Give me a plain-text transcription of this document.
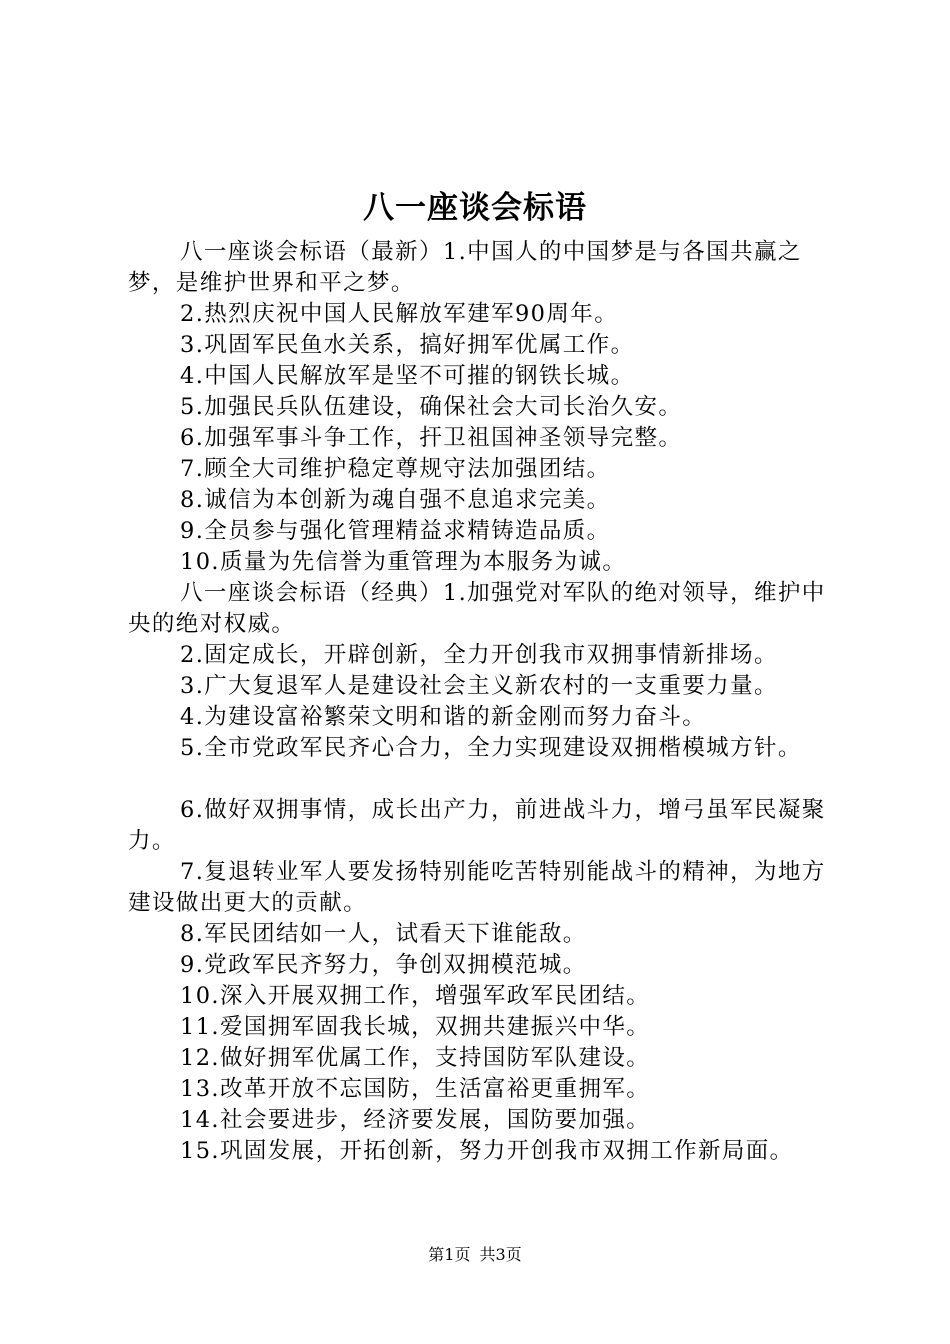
八一座谈会标语

八一座谈会标语（最新）1.中国人的中国梦是与各国共赢之梦，是维护世界和平之梦。

2.热烈庆祝中国人民解放军建军90周年。

3.巩固军民鱼水关系，搞好拥军优属工作。

4.中国人民解放军是坚不可摧的钢铁长城。

5.加强民兵队伍建设，确保社会大司长治久安。

6.加强军事斗争工作，扞卫祖国神圣领导完整。

7.顾全大司维护稳定尊规守法加强团结。

8.诚信为本创新为魂自强不息追求完美。

9.全员参与强化管理精益求精铸造品质。

10.质量为先信誉为重管理为本服务为诚。

八一座谈会标语（经典）1.加强党对军队的绝对领导，维护中央的绝对权威。

2.固定成长，开辟创新，全力开创我市双拥事情新排场。

3.广大复退军人是建设社会主义新农村的一支重要力量。

4.为建设富裕繁荣文明和谐的新金刚而努力奋斗。

5.全市党政军民齐心合力，全力实现建设双拥楷模城方针。

6.做好双拥事情，成长出产力，前进战斗力，增弓虽军民凝聚力。

7.复退转业军人要发扬特别能吃苦特别能战斗的精神，为地方建设做出更大的贡献。

8.军民团结如一人，试看天下谁能敌。

9.党政军民齐努力，争创双拥模范城。

10.深入开展双拥工作，增强军政军民团结。

11.爱国拥军固我长城，双拥共建振兴中华。

12.做好拥军优属工作，支持国防军队建设。

13.改革开放不忘国防，生活富裕更重拥军。

14.社会要进步，经济要发展，国防要加强。

15.巩固发展，开拓创新，努力开创我市双拥工作新局面。

第1页 共3页
